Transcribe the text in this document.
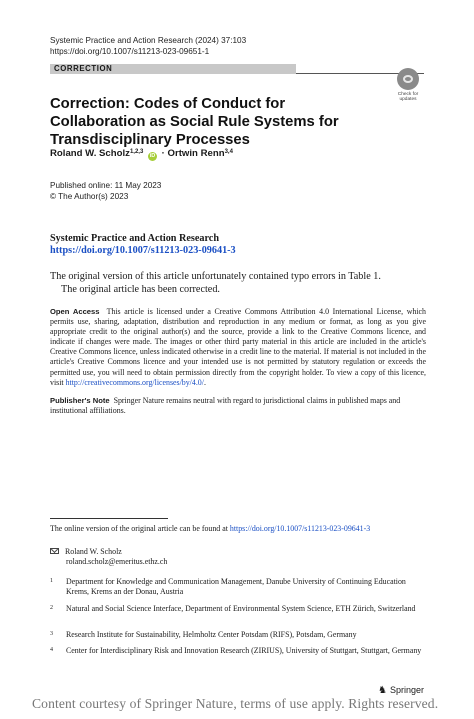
Systemic Practice and Action Research (2024) 37:103
https://doi.org/10.1007/s11213-023-09651-1
CORRECTION
Check for updates
Correction: Codes of Conduct for Collaboration as Social Rule Systems for Transdisciplinary Processes
Roland W. Scholz$^{1,2,3}$ iD · Ortwin Renn$^{3,4}$
Published online: 11 May 2023
© The Author(s) 2023
Systemic Practice and Action Research
https://doi.org/10.1007/s11213-023-09641-3
The original version of this article unfortunately contained typo errors in Table 1.
The original article has been corrected.
Open Access This article is licensed under a Creative Commons Attribution 4.0 International License, which permits use, sharing, adaptation, distribution and reproduction in any medium or format, as long as you give appropriate credit to the original author(s) and the source, provide a link to the Creative Commons licence, and indicate if changes were made. The images or other third party material in this article are included in the article's Creative Commons licence, unless indicated otherwise in a credit line to the material. If material is not included in the article's Creative Commons licence and your intended use is not permitted by statutory regulation or exceeds the permitted use, you will need to obtain permission directly from the copyright holder. To view a copy of this licence, visit http://creativecommons.org/licenses/by/4.0/.
Publisher's Note Springer Nature remains neutral with regard to jurisdictional claims in published maps and institutional affiliations.
The online version of the original article can be found at https://doi.org/10.1007/s11213-023-09641-3
Roland W. Scholz
roland.scholz@emeritus.ethz.ch
1 Department for Knowledge and Communication Management, Danube University of Continuing Education Krems, Krems an der Donau, Austria
2 Natural and Social Science Interface, Department of Environmental System Science, ETH Zürich, Switzerland
3 Research Institute for Sustainability, Helmholtz Center Potsdam (RIFS), Potsdam, Germany
4 Center for Interdisciplinary Risk and Innovation Research (ZIRIUS), University of Stuttgart, Stuttgart, Germany
♞ Springer
Content courtesy of Springer Nature, terms of use apply. Rights reserved.
